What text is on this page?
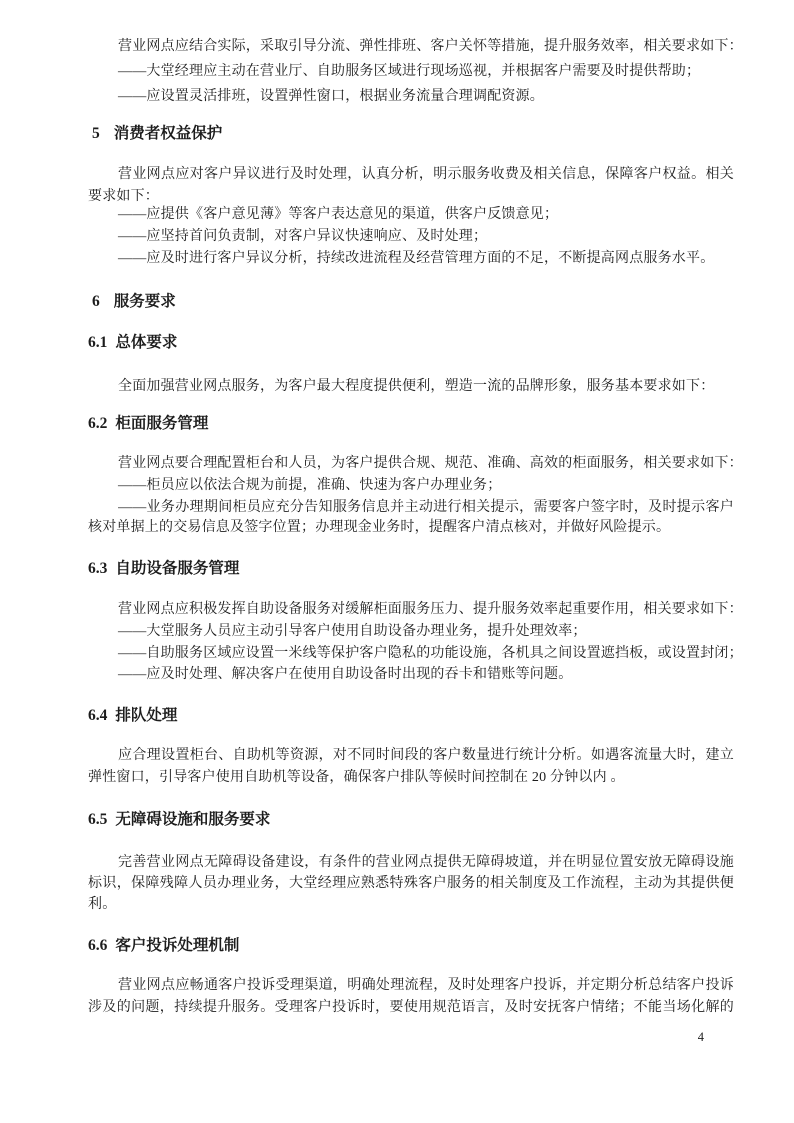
营业网点应结合实际，采取引导分流、弹性排班、客户关怀等措施，提升服务效率，相关要求如下：
——大堂经理应主动在营业厅、自助服务区域进行现场巡视，并根据客户需要及时提供帮助；
——应设置灵活排班，设置弹性窗口，根据业务流量合理调配资源。
5 消费者权益保护
营业网点应对客户异议进行及时处理，认真分析，明示服务收费及相关信息，保障客户权益。相关
要求如下：
——应提供《客户意见薄》等客户表达意见的渠道，供客户反馈意见；
——应坚持首问负责制，对客户异议快速响应、及时处理；
——应及时进行客户异议分析，持续改进流程及经营管理方面的不足，不断提高网点服务水平。
6 服务要求
6.1 总体要求
全面加强营业网点服务，为客户最大程度提供便利，塑造一流的品牌形象，服务基本要求如下：
6.2 柜面服务管理
营业网点要合理配置柜台和人员，为客户提供合规、规范、准确、高效的柜面服务，相关要求如下：
——柜员应以依法合规为前提，准确、快速为客户办理业务；
——业务办理期间柜员应充分告知服务信息并主动进行相关提示，需要客户签字时，及时提示客户
核对单据上的交易信息及签字位置；办理现金业务时，提醒客户清点核对，并做好风险提示。
6.3 自助设备服务管理
营业网点应积极发挥自助设备服务对缓解柜面服务压力、提升服务效率起重要作用，相关要求如下：
——大堂服务人员应主动引导客户使用自助设备办理业务，提升处理效率；
——自助服务区域应设置一米线等保护客户隐私的功能设施，各机具之间设置遮挡板，或设置封闭；
——应及时处理、解决客户在使用自助设备时出现的吞卡和错账等问题。
6.4 排队处理
应合理设置柜台、自助机等资源，对不同时间段的客户数量进行统计分析。如遇客流量大时，建立
弹性窗口，引导客户使用自助机等设备，确保客户排队等候时间控制在 20 分钟以内 。
6.5 无障碍设施和服务要求
完善营业网点无障碍设备建设，有条件的营业网点提供无障碍坡道，并在明显位置安放无障碍设施
标识，保障残障人员办理业务，大堂经理应熟悉特殊客户服务的相关制度及工作流程，主动为其提供便
利。
6.6 客户投诉处理机制
营业网点应畅通客户投诉受理渠道，明确处理流程，及时处理客户投诉，并定期分析总结客户投诉
涉及的问题，持续提升服务。受理客户投诉时，要使用规范语言，及时安抚客户情绪；不能当场化解的
4
